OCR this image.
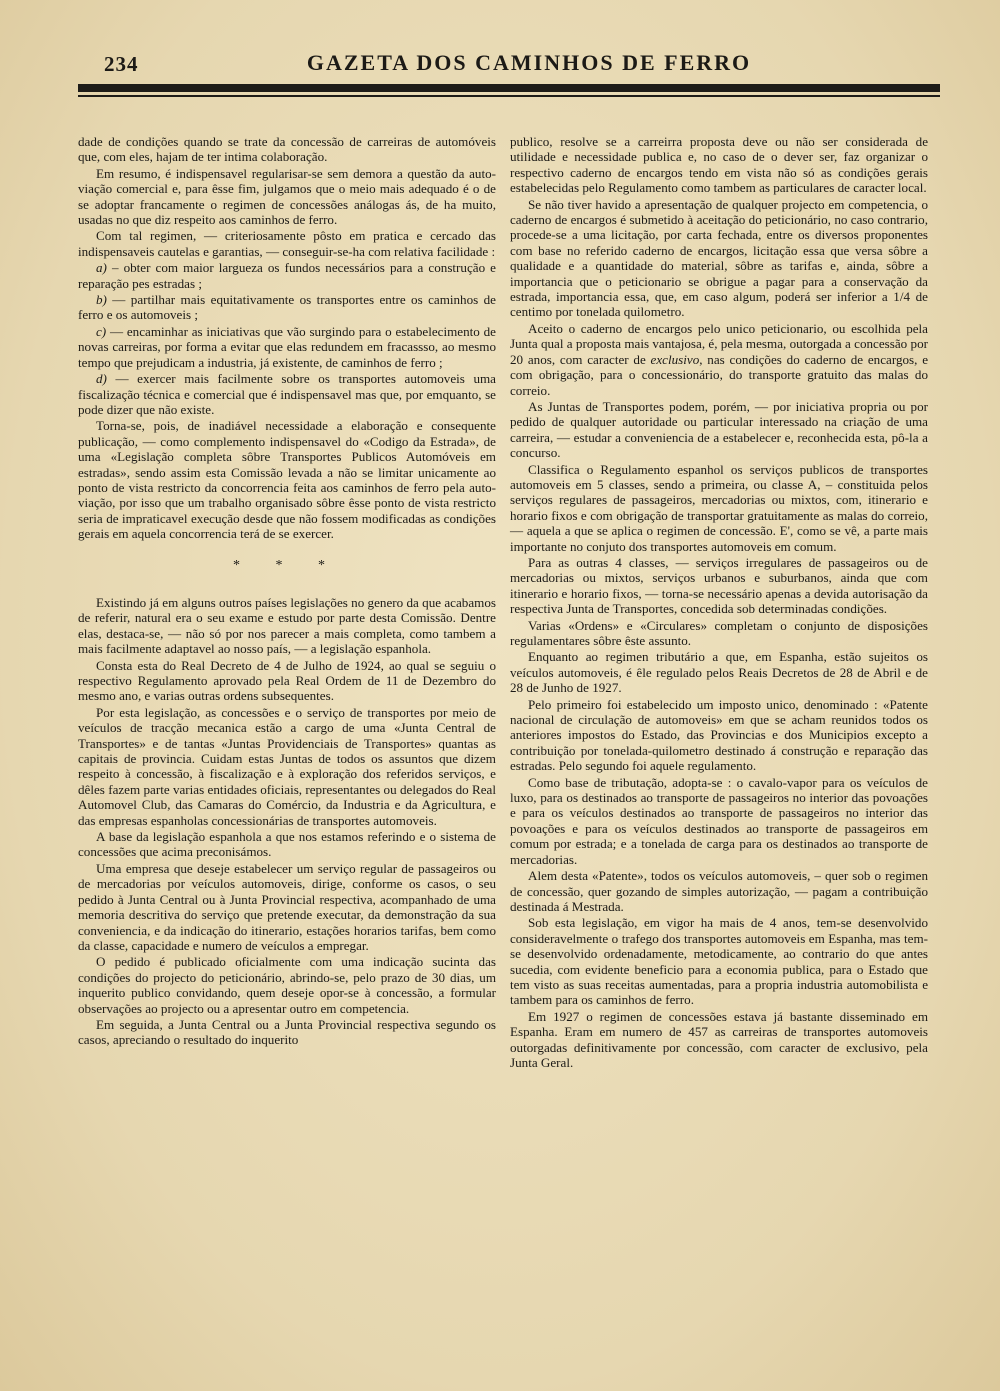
234	GAZETA DOS CAMINHOS DE FERRO

dade de condições quando se trate da concessão de carreiras de automóveis que, com eles, hajam de ter intima colaboração.

Em resumo, é indispensavel regularisar-se sem demora a questão da auto-viação comercial e, para êsse fim, julgamos que o meio mais adequado é o de se adoptar francamente o regimen de concessões análogas ás, de ha muito, usadas no que diz respeito aos caminhos de ferro.

Com tal regimen, — criteriosamente pôsto em pratica e cercado das indispensaveis cautelas e garantias, — conseguir-se-ha com relativa facilidade :

a) – obter com maior largueza os fundos necessários para a construção e reparação pes estradas ;

b) — partilhar mais equitativamente os transportes entre os caminhos de ferro e os automoveis ;

c) — encaminhar as iniciativas que vão surgindo para o estabelecimento de novas carreiras, por forma a evitar que elas redundem em fracassso, ao mesmo tempo que prejudicam a industria, já existente, de caminhos de ferro ;

d) — exercer mais facilmente sobre os transportes automoveis uma fiscalização técnica e comercial que é indispensavel mas que, por emquanto, se pode dizer que não existe.

Torna-se, pois, de inadiável necessidade a elaboração e consequente publicação, — como complemento indispensavel do «Codigo da Estrada», de uma «Legislação completa sôbre Transportes Publicos Automóveis em estradas», sendo assim esta Comissão levada a não se limitar unicamente ao ponto de vista restricto da concorrencia feita aos caminhos de ferro pela auto-viação, por isso que um trabalho organisado sôbre êsse ponto de vista restricto seria de impraticavel execução desde que não fossem modificadas as condições gerais em aquela concorrencia terá de se exercer.

* * *

Existindo já em alguns outros países legislações no genero da que acabamos de referir, natural era o seu exame e estudo por parte desta Comissão. Dentre elas, destaca-se, — não só por nos parecer a mais completa, como tambem a mais facilmente adaptavel ao nosso país, — a legislação espanhola.

Consta esta do Real Decreto de 4 de Julho de 1924, ao qual se seguiu o respectivo Regulamento aprovado pela Real Ordem de 11 de Dezembro do mesmo ano, e varias outras ordens subsequentes.

Por esta legislação, as concessões e o serviço de transportes por meio de veículos de tracção mecanica estão a cargo de uma «Junta Central de Transportes» e de tantas «Juntas Providenciais de Transportes» quantas as capitais de provincia. Cuidam estas Juntas de todos os assuntos que dizem respeito à concessão, à fiscalização e à exploração dos referidos serviços, e dêles fazem parte varias entidades oficiais, representantes ou delegados do Real Automovel Club, das Camaras do Comércio, da Industria e da Agricultura, e das empresas espanholas concessionárias de transportes automoveis.

A base da legislação espanhola a que nos estamos referindo e o sistema de concessões que acima preconisámos.

Uma empresa que deseje estabelecer um serviço regular de passageiros ou de mercadorias por veículos automoveis, dirige, conforme os casos, o seu pedido à Junta Central ou à Junta Provincial respectiva, acompanhado de uma memoria descritiva do serviço que pretende executar, da demonstração da sua conveniencia, e da indicação do itinerario, estações horarios tarifas, bem como da classe, capacidade e numero de veículos a empregar.

O pedido é publicado oficialmente com uma indicação sucinta das condições do projecto do peticionário, abrindo-se, pelo prazo de 30 dias, um inquerito publico convidando, quem deseje opor-se à concessão, a formular observações ao projecto ou a apresentar outro em competencia.

Em seguida, a Junta Central ou a Junta Provincial respectiva segundo os casos, apreciando o resultado do inquerito

publico, resolve se a carreirra proposta deve ou não ser considerada de utilidade e necessidade publica e, no caso de o dever ser, faz organizar o respectivo caderno de encargos tendo em vista não só as condições gerais estabelecidas pelo Regulamento como tambem as particulares de caracter local.

Se não tiver havido a apresentação de qualquer projecto em competencia, o caderno de encargos é submetido à aceitação do peticionário, no caso contrario, procede-se a uma licitação, por carta fechada, entre os diversos proponentes com base no referido caderno de encargos, licitação essa que versa sôbre a qualidade e a quantidade do material, sôbre as tarifas e, ainda, sôbre a importancia que o peticionario se obrigue a pagar para a conservação da estrada, importancia essa, que, em caso algum, poderá ser inferior a 1/4 de centimo por tonelada quilometro.

Aceito o caderno de encargos pelo unico peticionario, ou escolhida pela Junta qual a proposta mais vantajosa, é, pela mesma, outorgada a concessão por 20 anos, com caracter de exclusivo, nas condições do caderno de encargos, e com obrigação, para o concessionário, do transporte gratuito das malas do correio.

As Juntas de Transportes podem, porém, — por iniciativa propria ou por pedido de qualquer autoridade ou particular interessado na criação de uma carreira, — estudar a conveniencia de a estabelecer e, reconhecida esta, pô-la a concurso.

Classifica o Regulamento espanhol os serviços publicos de transportes automoveis em 5 classes, sendo a primeira, ou classe A, – constituida pelos serviços regulares de passageiros, mercadorias ou mixtos, com, itinerario e horario fixos e com obrigação de transportar gratuitamente as malas do correio, — aquela a que se aplica o regimen de concessão. E', como se vê, a parte mais importante no conjuto dos transportes automoveis em comum.

Para as outras 4 classes, — serviços irregulares de passageiros ou de mercadorias ou mixtos, serviços urbanos e suburbanos, ainda que com itinerario e horario fixos, — torna-se necessário apenas a devida autorisação da respectiva Junta de Transportes, concedida sob determinadas condições.

Varias «Ordens» e «Circulares» completam o conjunto de disposições regulamentares sôbre êste assunto.

Enquanto ao regimen tributário a que, em Espanha, estão sujeitos os veículos automoveis, é êle regulado pelos Reais Decretos de 28 de Abril e de 28 de Junho de 1927.

Pelo primeiro foi estabelecido um imposto unico, denominado : «Patente nacional de circulação de automoveis» em que se acham reunidos todos os anteriores impostos do Estado, das Provincias e dos Municipios excepto a contribuição por tonelada-quilometro destinado á construção e reparação das estradas. Pelo segundo foi aquele regulamento.

Como base de tributação, adopta-se : o cavalo-vapor para os veículos de luxo, para os destinados ao transporte de passageiros no interior das povoações e para os veículos destinados ao transporte de passageiros no interior das povoações e para os veículos destinados ao transporte de passageiros em comum por estrada; e a tonelada de carga para os destinados ao transporte de mercadorias.

Alem desta «Patente», todos os veículos automoveis, – quer sob o regimen de concessão, quer gozando de simples autorização, — pagam a contribuição destinada á Mestrada.

Sob esta legislação, em vigor ha mais de 4 anos, tem-se desenvolvido consideravelmente o trafego dos transportes automoveis em Espanha, mas tem-se desenvolvido ordenadamente, metodicamente, ao contrario do que antes sucedia, com evidente beneficio para a economia publica, para o Estado que tem visto as suas receitas aumentadas, para a propria industria automobilista e tambem para os caminhos de ferro.

Em 1927 o regimen de concessões estava já bastante disseminado em Espanha. Eram em numero de 457 as carreiras de transportes automoveis outorgadas definitivamente por concessão, com caracter de exclusivo, pela Junta Geral.
